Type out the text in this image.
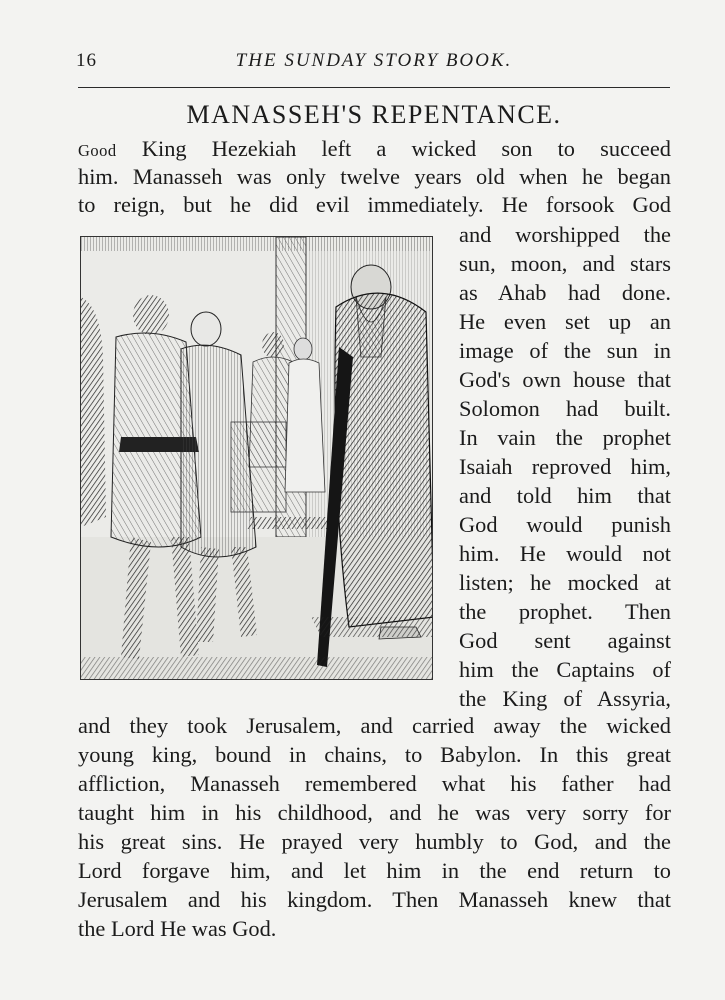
16	THE SUNDAY STORY BOOK.
MANASSEH'S REPENTANCE.
Good King Hezekiah left a wicked son to succeed
him. Manasseh was only twelve years old when he began
to reign, but he did evil immediately. He forsook God
and worshipped the
sun, moon, and stars
as Ahab had done.
He even set up an
image of the sun in
God's own house that
Solomon had built.
In vain the prophet
Isaiah reproved him,
and told him that
God would punish
him. He would not
listen; he mocked at
the prophet. Then
God sent against
him the Captains of
the King of Assyria,
and they took Jerusalem, and carried away the wicked
young king, bound in chains, to Babylon. In this great
affliction, Manasseh remembered what his father had
taught him in his childhood, and he was very sorry for
his great sins. He prayed very humbly to God, and the
Lord forgave him, and let him in the end return to
Jerusalem and his kingdom. Then Manasseh knew that
the Lord He was God.
